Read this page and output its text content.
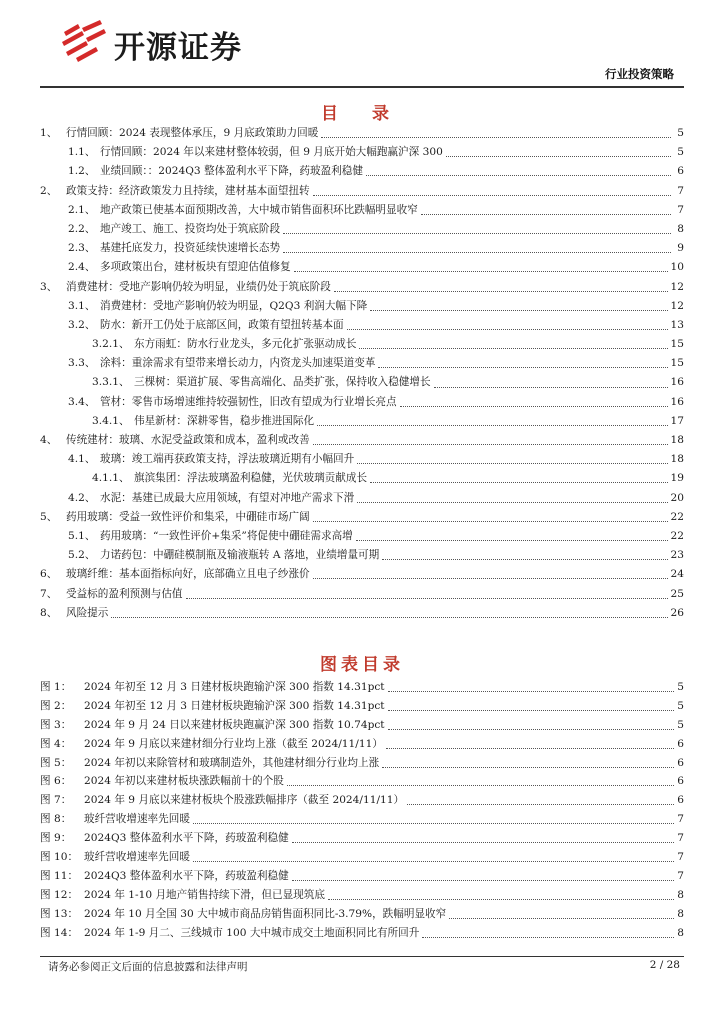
开源证券
行业投资策略
目 录
1、 行情回顾：2024 表现整体承压，9 月底政策助力回暖	5
1.1、 行情回顾：2024 年以来建材整体较弱，但 9 月底开始大幅跑赢沪深 300	5
1.2、 业绩回顾：：2024Q3 整体盈利水平下降，药玻盈利稳健	6
2、 政策支持：经济政策发力且持续，建材基本面望扭转	7
2.1、 地产政策已使基本面预期改善，大中城市销售面积环比跌幅明显收窄	7
2.2、 地产竣工、施工、投资均处于筑底阶段	8
2.3、 基建托底发力，投资延续快速增长态势	9
2.4、 多项政策出台，建材板块有望迎估值修复	10
3、 消费建材：受地产影响仍较为明显，业绩仍处于筑底阶段	12
3.1、 消费建材：受地产影响仍较为明显，Q2Q3 利润大幅下降	12
3.2、 防水：新开工仍处于底部区间，政策有望扭转基本面	13
3.2.1、 东方雨虹：防水行业龙头，多元化扩张驱动成长	15
3.3、 涂料：重涂需求有望带来增长动力，内资龙头加速渠道变革	15
3.3.1、 三棵树：渠道扩展、零售高端化、品类扩张，保持收入稳健增长	16
3.4、 管材：零售市场增速维持较强韧性，旧改有望成为行业增长亮点	16
3.4.1、 伟星新材：深耕零售，稳步推进国际化	17
4、 传统建材：玻璃、水泥受益政策和成本，盈利或改善	18
4.1、 玻璃：竣工端再获政策支持，浮法玻璃近期有小幅回升	18
4.1.1、 旗滨集团：浮法玻璃盈利稳健，光伏玻璃贡献成长	19
4.2、 水泥：基建已成最大应用领域，有望对冲地产需求下滑	20
5、 药用玻璃：受益一致性评价和集采，中硼硅市场广阔	22
5.1、 药用玻璃：“一致性评价+集采”将促使中硼硅需求高增	22
5.2、 力诺药包：中硼硅模制瓶及输液瓶转 A 落地，业绩增量可期	23
6、 玻璃纤维：基本面指标向好，底部确立且电子纱涨价	24
7、 受益标的盈利预测与估值	25
8、 风险提示	26
图表目录
图 1：	2024 年初至 12 月 3 日建材板块跑输沪深 300 指数 14.31pct	5
图 2：	2024 年初至 12 月 3 日建材板块跑输沪深 300 指数 14.31pct	5
图 3：	2024 年 9 月 24 日以来建材板块跑赢沪深 300 指数 10.74pct	5
图 4：	2024 年 9 月底以来建材细分行业均上涨（截至 2024/11/11）	6
图 5：	2024 年初以来除管材和玻璃制造外，其他建材细分行业均上涨	6
图 6：	2024 年初以来建材板块涨跌幅前十的个股	6
图 7：	2024 年 9 月底以来建材板块个股涨跌幅排序（截至 2024/11/11）	6
图 8：	玻纤营收增速率先回暖	7
图 9：	2024Q3 整体盈利水平下降，药玻盈利稳健	7
图 10： 玻纤营收增速率先回暖	7
图 11： 2024Q3 整体盈利水平下降，药玻盈利稳健	7
图 12： 2024 年 1-10 月地产销售持续下滑，但已显现筑底	8
图 13： 2024 年 10 月全国 30 大中城市商品房销售面积同比-3.79%，跌幅明显收窄	8
图 14： 2024 年 1-9 月二、三线城市 100 大中城市成交土地面积同比有所回升	8
请务必参阅正文后面的信息披露和法律声明	2 / 28
